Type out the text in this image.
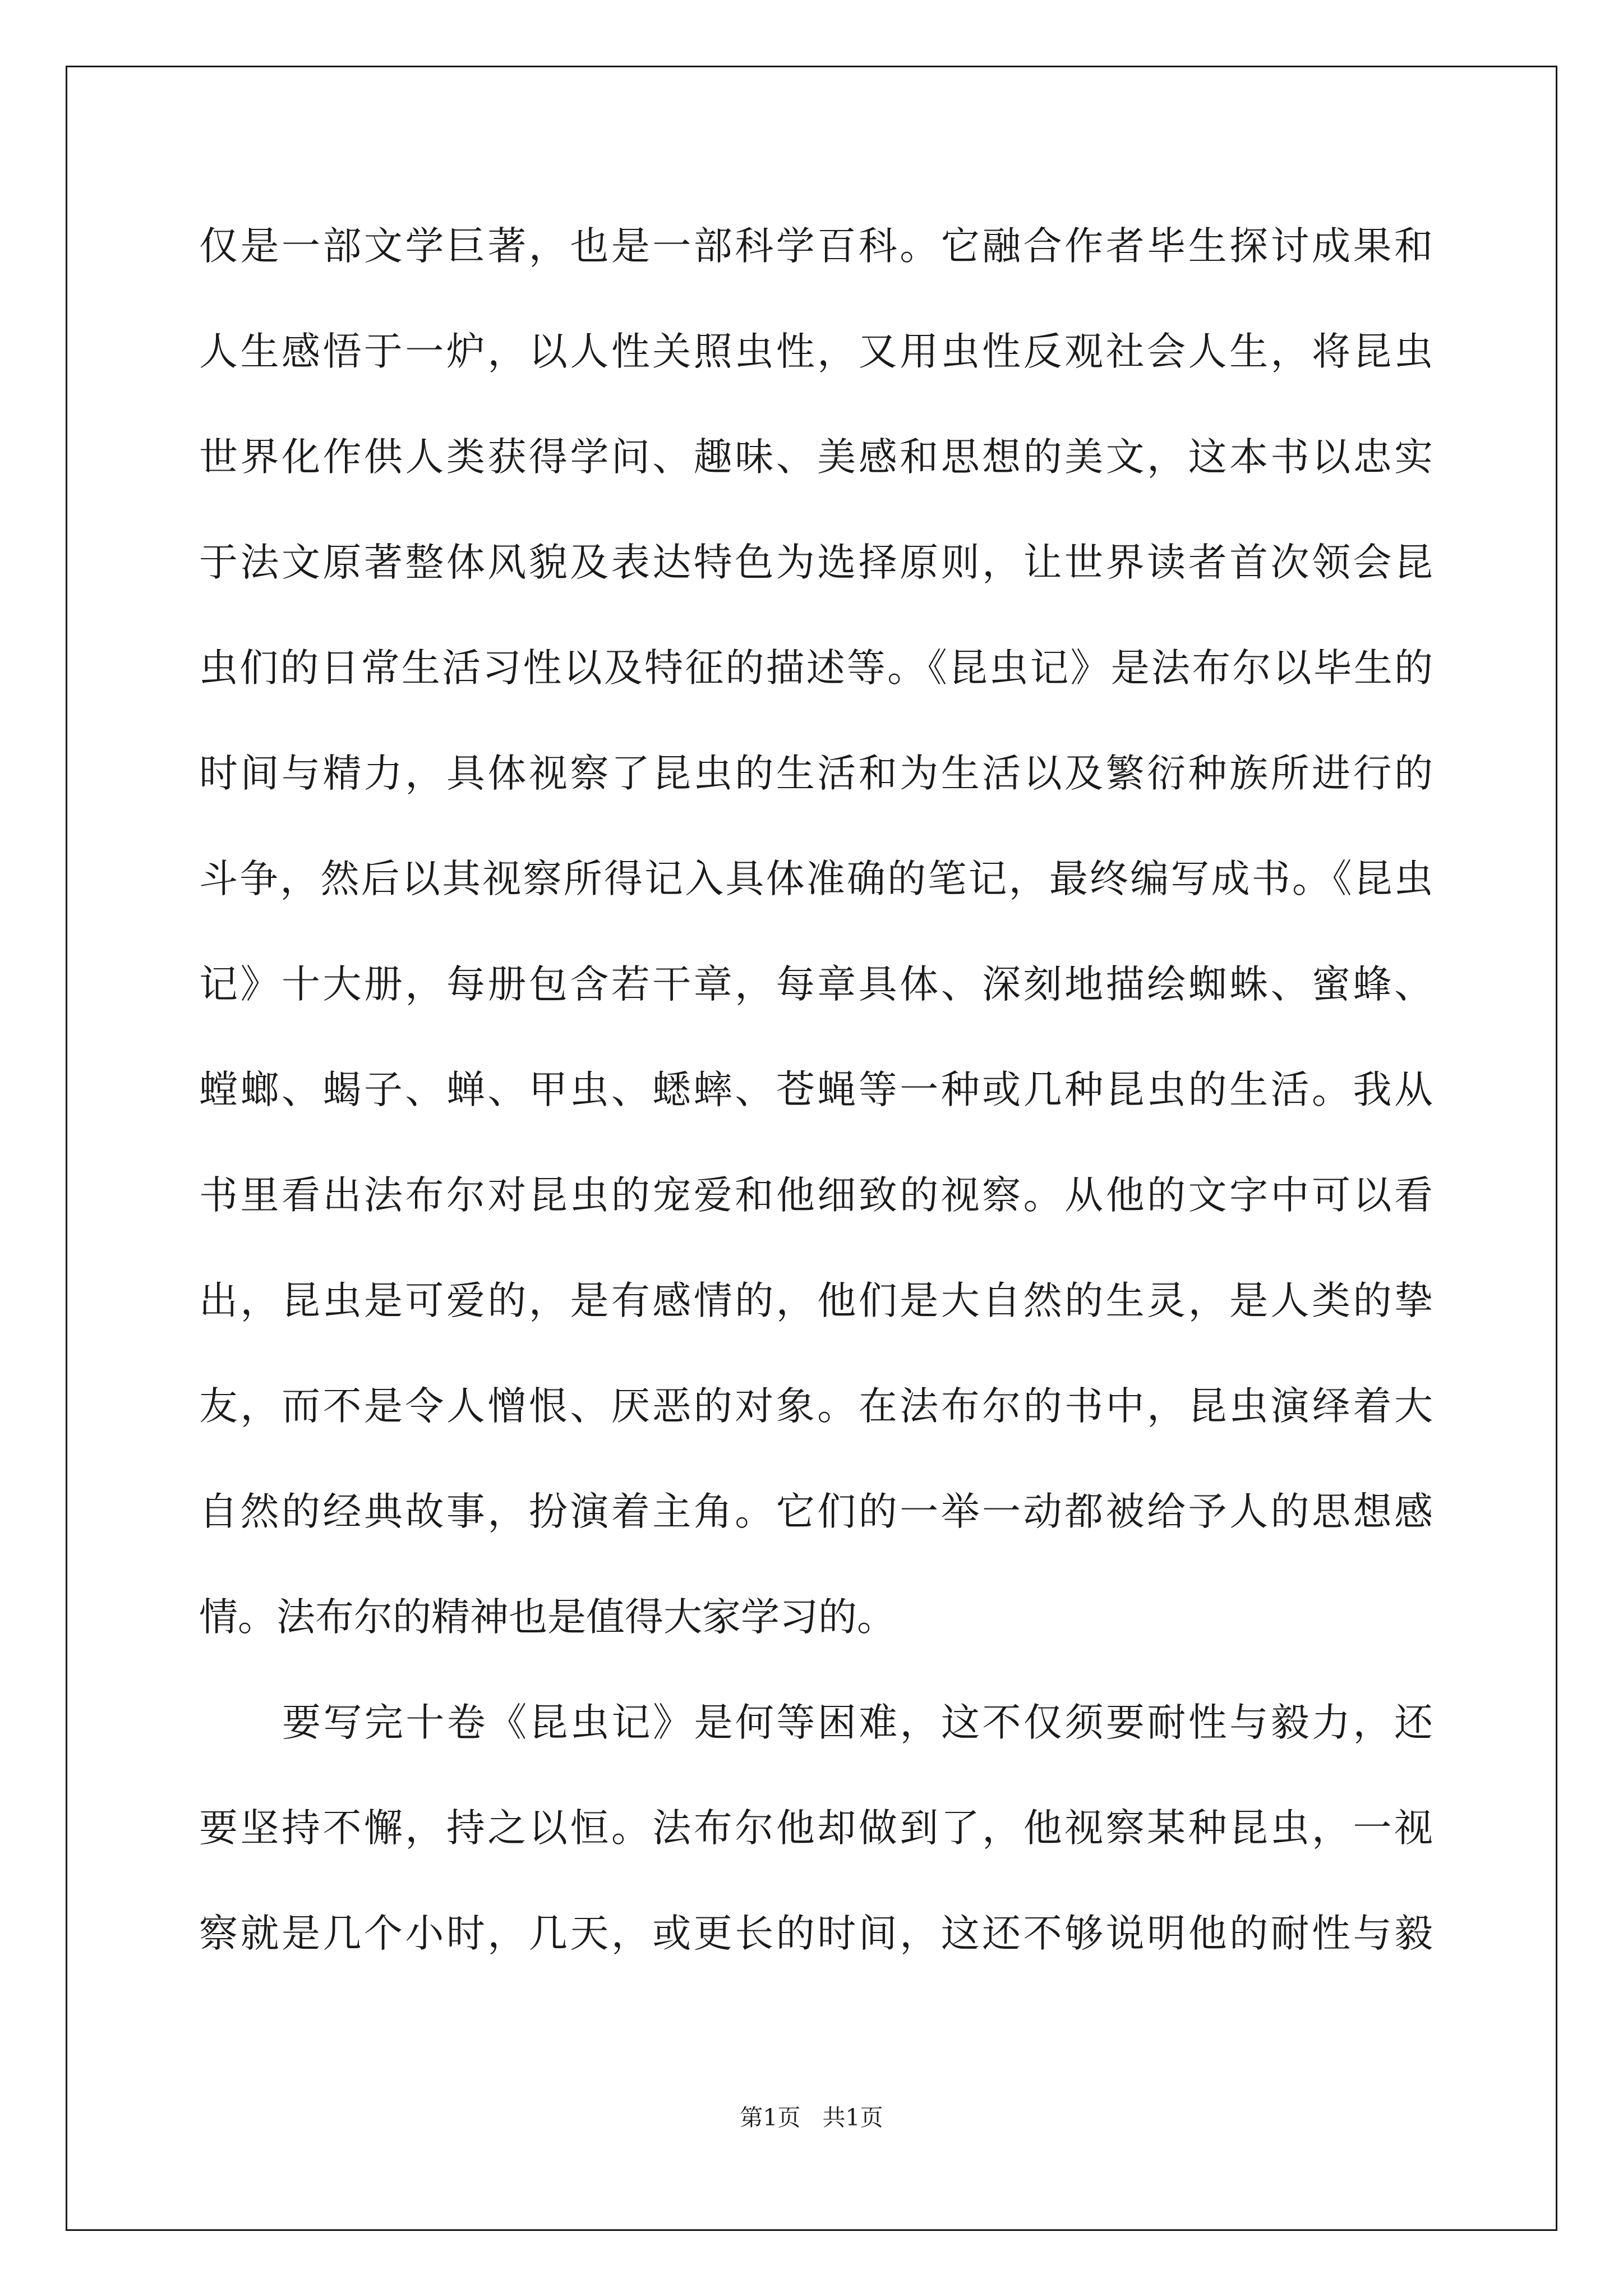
仅是一部文学巨著，也是一部科学百科。它融合作者毕生探讨成果和
人生感悟于一炉，以人性关照虫性，又用虫性反观社会人生，将昆虫
世界化作供人类获得学问、趣味、美感和思想的美文，这本书以忠实
于法文原著整体风貌及表达特色为选择原则，让世界读者首次领会昆
虫们的日常生活习性以及特征的描述等。《昆虫记》是法布尔以毕生的
时间与精力，具体视察了昆虫的生活和为生活以及繁衍种族所进行的
斗争，然后以其视察所得记入具体准确的笔记，最终编写成书。《昆虫
记》十大册，每册包含若干章，每章具体、深刻地描绘蜘蛛、蜜蜂、
螳螂、蝎子、蝉、甲虫、蟋蟀、苍蝇等一种或几种昆虫的生活。我从
书里看出法布尔对昆虫的宠爱和他细致的视察。从他的文字中可以看
出，昆虫是可爱的，是有感情的，他们是大自然的生灵，是人类的挚
友，而不是令人憎恨、厌恶的对象。在法布尔的书中，昆虫演绎着大
自然的经典故事，扮演着主角。它们的一举一动都被给予人的思想感
情。法布尔的精神也是值得大家学习的。
要写完十卷《昆虫记》是何等困难，这不仅须要耐性与毅力，还
要坚持不懈，持之以恒。法布尔他却做到了，他视察某种昆虫，一视
察就是几个小时，几天，或更长的时间，这还不够说明他的耐性与毅
第1页   共1页
